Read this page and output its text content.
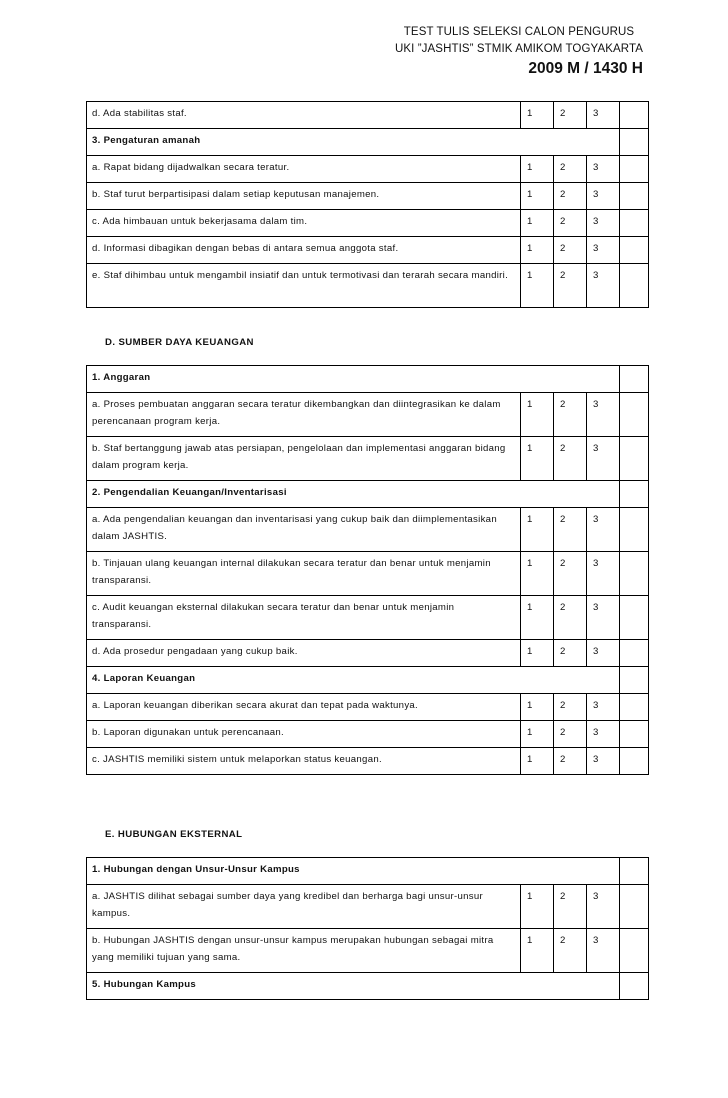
TEST TULIS SELEKSI CALON PENGURUS
UKI ”JASHTIS” STMIK AMIKOM TOGYAKARTA
2009 M / 1430 H
d. Ada stabilitas staf.	1	2	3	
3. Pengaturan amanah				
a. Rapat bidang dijadwalkan secara teratur.	1	2	3	
b. Staf turut berpartisipasi dalam setiap keputusan manajemen.	1	2	3	
c. Ada himbauan untuk bekerjasama dalam tim.	1	2	3	
d. Informasi dibagikan dengan bebas di antara semua anggota staf.	1	2	3	
e. Staf dihimbau untuk mengambil insiatif dan untuk termotivasi dan terarah secara mandiri.	1	2	3	
D. SUMBER DAYA KEUANGAN
1. Anggaran				
a. Proses pembuatan anggaran secara teratur dikembangkan dan diintegrasikan ke dalam perencanaan program kerja.	1	2	3	
b. Staf bertanggung jawab atas persiapan, pengelolaan dan implementasi anggaran bidang dalam program kerja.	1	2	3	
2. Pengendalian Keuangan/Inventarisasi				
a. Ada pengendalian keuangan dan inventarisasi yang cukup baik dan diimplementasikan dalam JASHTIS.	1	2	3	
b. Tinjauan ulang keuangan internal dilakukan secara teratur dan benar untuk menjamin transparansi.	1	2	3	
c. Audit keuangan eksternal dilakukan secara teratur dan benar untuk menjamin transparansi.	1	2	3	
d. Ada prosedur pengadaan yang cukup baik.	1	2	3	
4. Laporan Keuangan				
a. Laporan keuangan diberikan secara akurat dan tepat pada waktunya.	1	2	3	
b. Laporan digunakan untuk perencanaan.	1	2	3	
c. JASHTIS memiliki sistem untuk melaporkan status keuangan.	1	2	3	
E. HUBUNGAN EKSTERNAL
1. Hubungan dengan Unsur-Unsur Kampus				
a. JASHTIS dilihat sebagai sumber daya yang kredibel dan berharga bagi unsur-unsur kampus.	1	2	3	
b. Hubungan JASHTIS dengan unsur-unsur kampus merupakan hubungan sebagai mitra yang memiliki tujuan yang sama.	1	2	3	
5. Hubungan Kampus				
